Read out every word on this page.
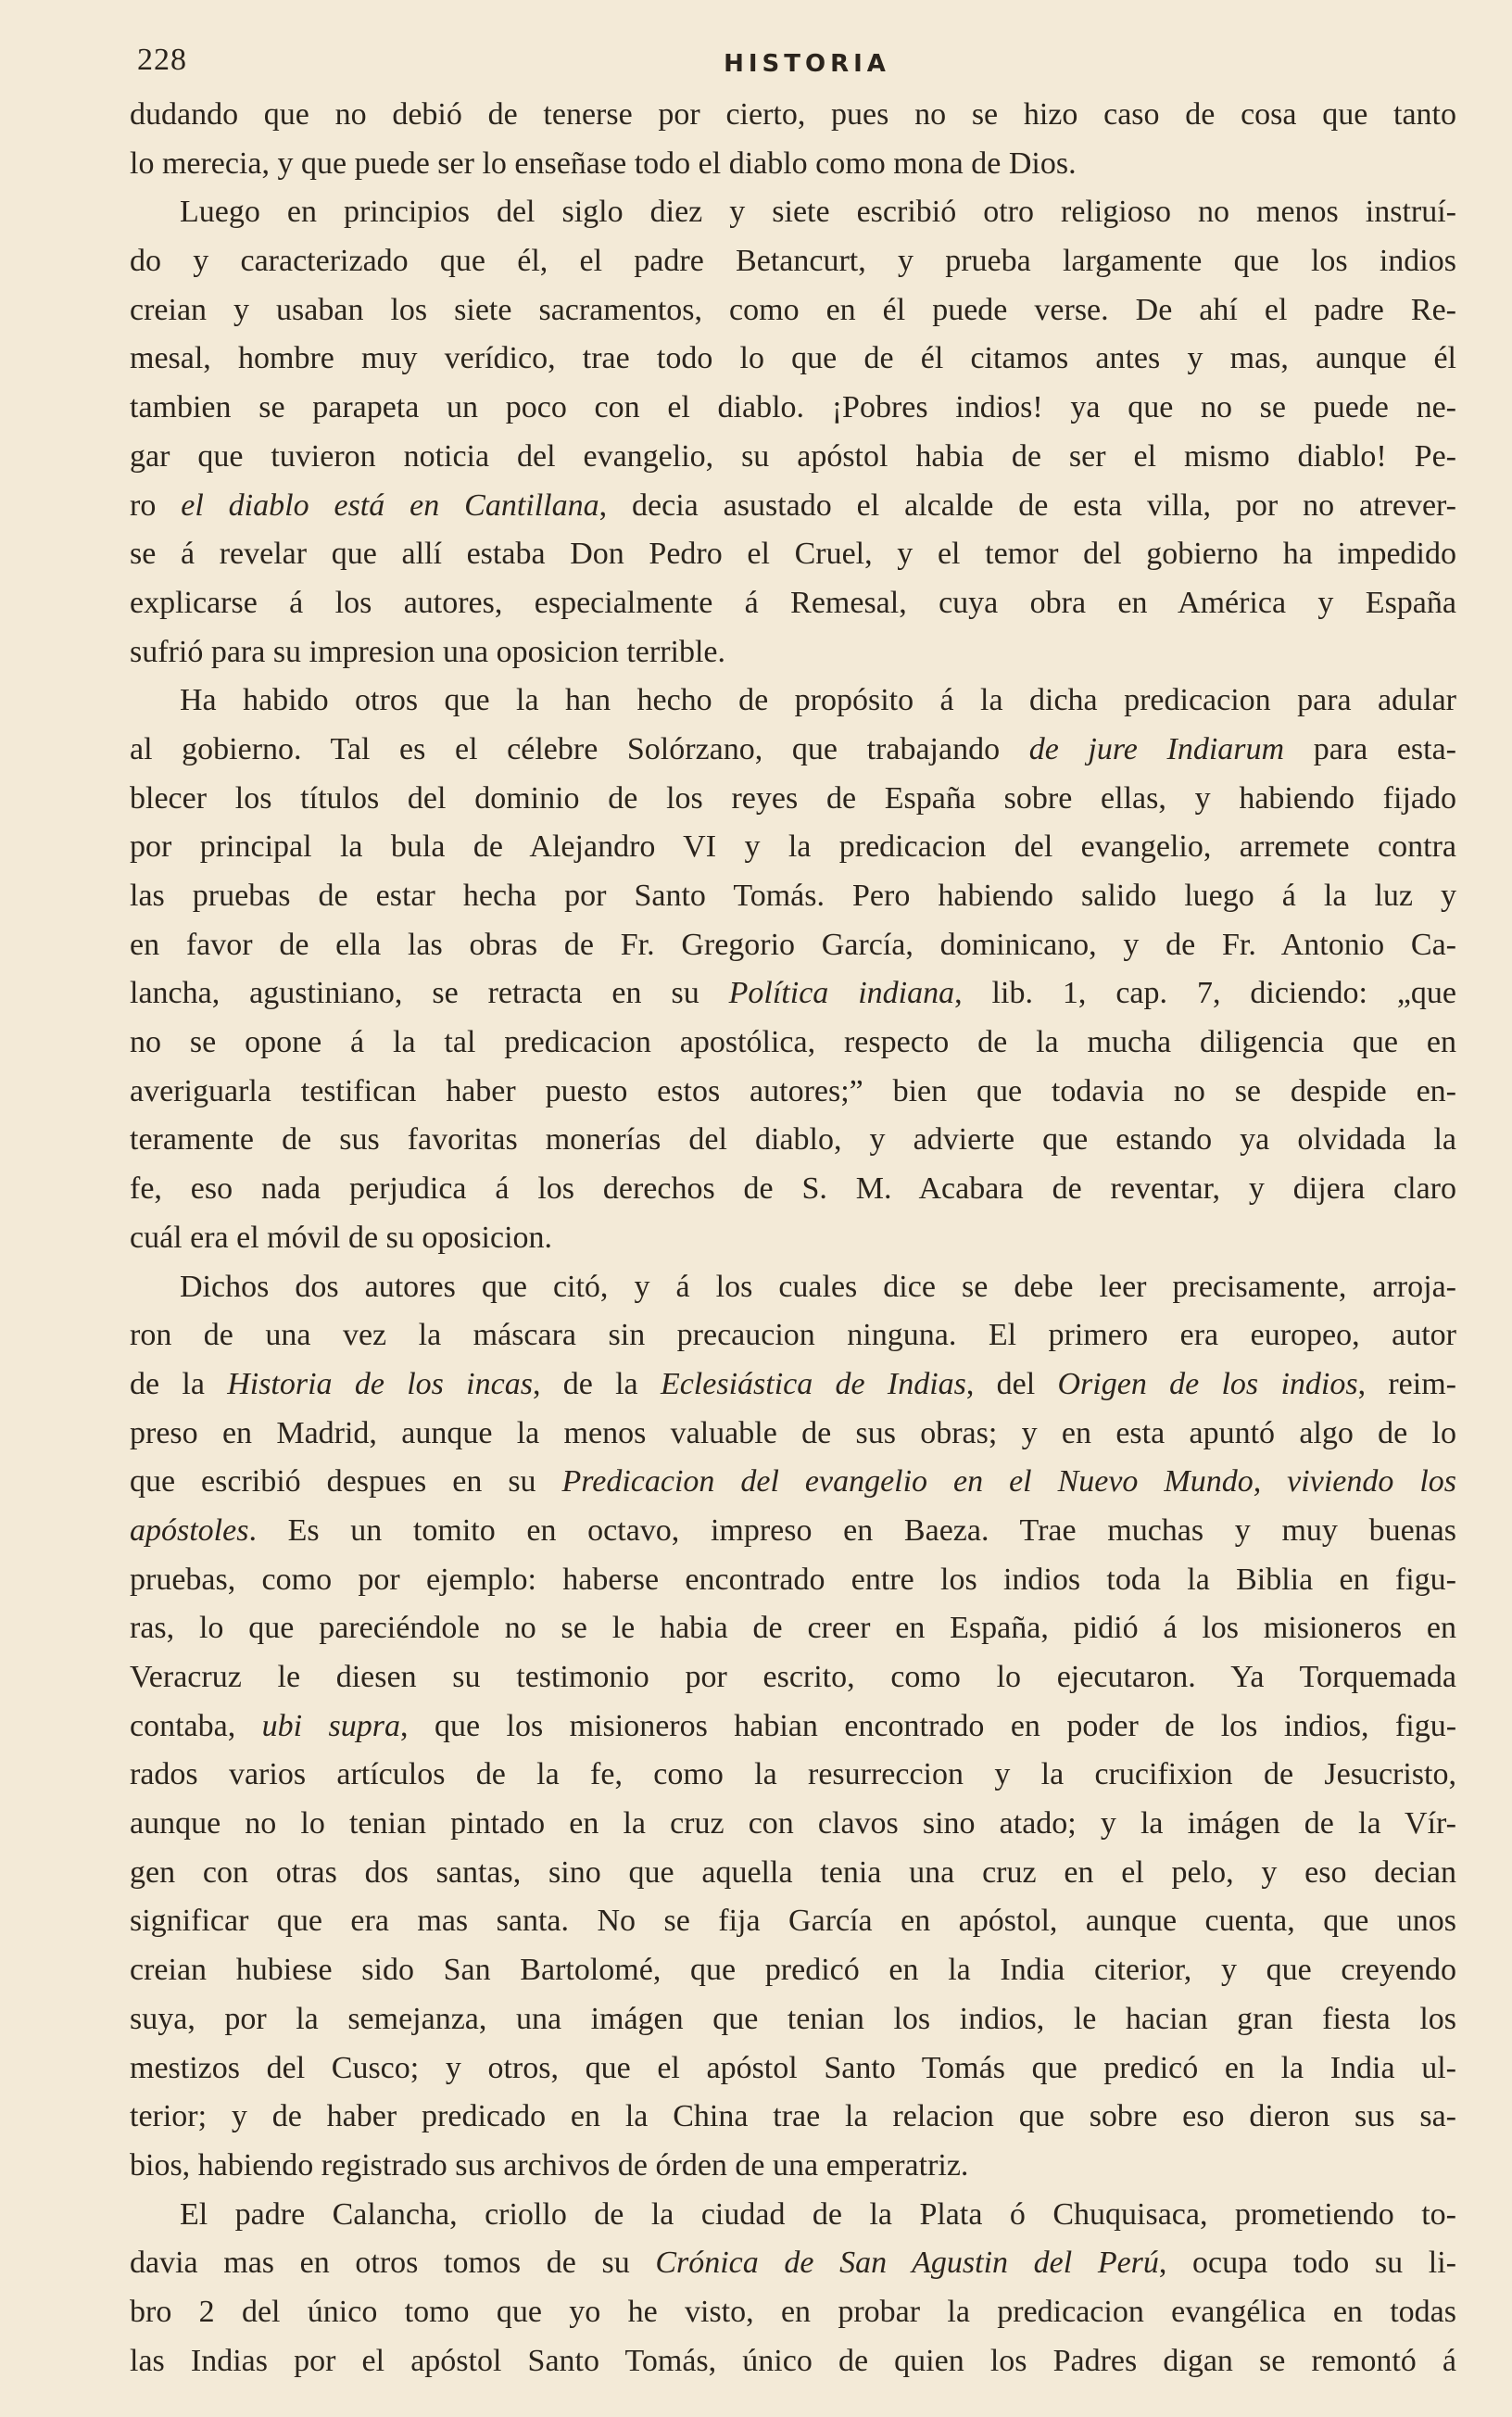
228	HISTORIA
dudando que no debió de tenerse por cierto, pues no se hizo caso de cosa que tanto
lo merecia, y que puede ser lo enseñase todo el diablo como mona de Dios.
Luego en principios del siglo diez y siete escribió otro religioso no menos instruí-
do y caracterizado que él, el padre Betancurt, y prueba largamente que los indios
creian y usaban los siete sacramentos, como en él puede verse. De ahí el padre Re-
mesal, hombre muy verídico, trae todo lo que de él citamos antes y mas, aunque él
tambien se parapeta un poco con el diablo. ¡Pobres indios! ya que no se puede ne-
gar que tuvieron noticia del evangelio, su apóstol habia de ser el mismo diablo! Pe-
ro el diablo está en Cantillana, decia asustado el alcalde de esta villa, por no atrever-
se á revelar que allí estaba Don Pedro el Cruel, y el temor del gobierno ha impedido
explicarse á los autores, especialmente á Remesal, cuya obra en América y España
sufrió para su impresion una oposicion terrible.
Ha habido otros que la han hecho de propósito á la dicha predicacion para adular
al gobierno. Tal es el célebre Solórzano, que trabajando de jure Indiarum para esta-
blecer los títulos del dominio de los reyes de España sobre ellas, y habiendo fijado
por principal la bula de Alejandro VI y la predicacion del evangelio, arremete contra
las pruebas de estar hecha por Santo Tomás. Pero habiendo salido luego á la luz y
en favor de ella las obras de Fr. Gregorio García, dominicano, y de Fr. Antonio Ca-
lancha, agustiniano, se retracta en su Política indiana, lib. 1, cap. 7, diciendo: „que
no se opone á la tal predicacion apostólica, respecto de la mucha diligencia que en
averiguarla testifican haber puesto estos autores;” bien que todavia no se despide en-
teramente de sus favoritas monerías del diablo, y advierte que estando ya olvidada la
fe, eso nada perjudica á los derechos de S. M. Acabara de reventar, y dijera claro
cuál era el móvil de su oposicion.
Dichos dos autores que citó, y á los cuales dice se debe leer precisamente, arroja-
ron de una vez la máscara sin precaucion ninguna. El primero era europeo, autor
de la Historia de los incas, de la Eclesiástica de Indias, del Origen de los indios, reim-
preso en Madrid, aunque la menos valuable de sus obras; y en esta apuntó algo de lo
que escribió despues en su Predicacion del evangelio en el Nuevo Mundo, viviendo los
apóstoles. Es un tomito en octavo, impreso en Baeza. Trae muchas y muy buenas
pruebas, como por ejemplo: haberse encontrado entre los indios toda la Biblia en figu-
ras, lo que pareciéndole no se le habia de creer en España, pidió á los misioneros en
Veracruz le diesen su testimonio por escrito, como lo ejecutaron. Ya Torquemada
contaba, ubi supra, que los misioneros habian encontrado en poder de los indios, figu-
rados varios artículos de la fe, como la resurreccion y la crucifixion de Jesucristo,
aunque no lo tenian pintado en la cruz con clavos sino atado; y la imágen de la Vír-
gen con otras dos santas, sino que aquella tenia una cruz en el pelo, y eso decian
significar que era mas santa. No se fija García en apóstol, aunque cuenta, que unos
creian hubiese sido San Bartolomé, que predicó en la India citerior, y que creyendo
suya, por la semejanza, una imágen que tenian los indios, le hacian gran fiesta los
mestizos del Cusco; y otros, que el apóstol Santo Tomás que predicó en la India ul-
terior; y de haber predicado en la China trae la relacion que sobre eso dieron sus sa-
bios, habiendo registrado sus archivos de órden de una emperatriz.
El padre Calancha, criollo de la ciudad de la Plata ó Chuquisaca, prometiendo to-
davia mas en otros tomos de su Crónica de San Agustin del Perú, ocupa todo su li-
bro 2 del único tomo que yo he visto, en probar la predicacion evangélica en todas
las Indias por el apóstol Santo Tomás, único de quien los Padres digan se remontó á
